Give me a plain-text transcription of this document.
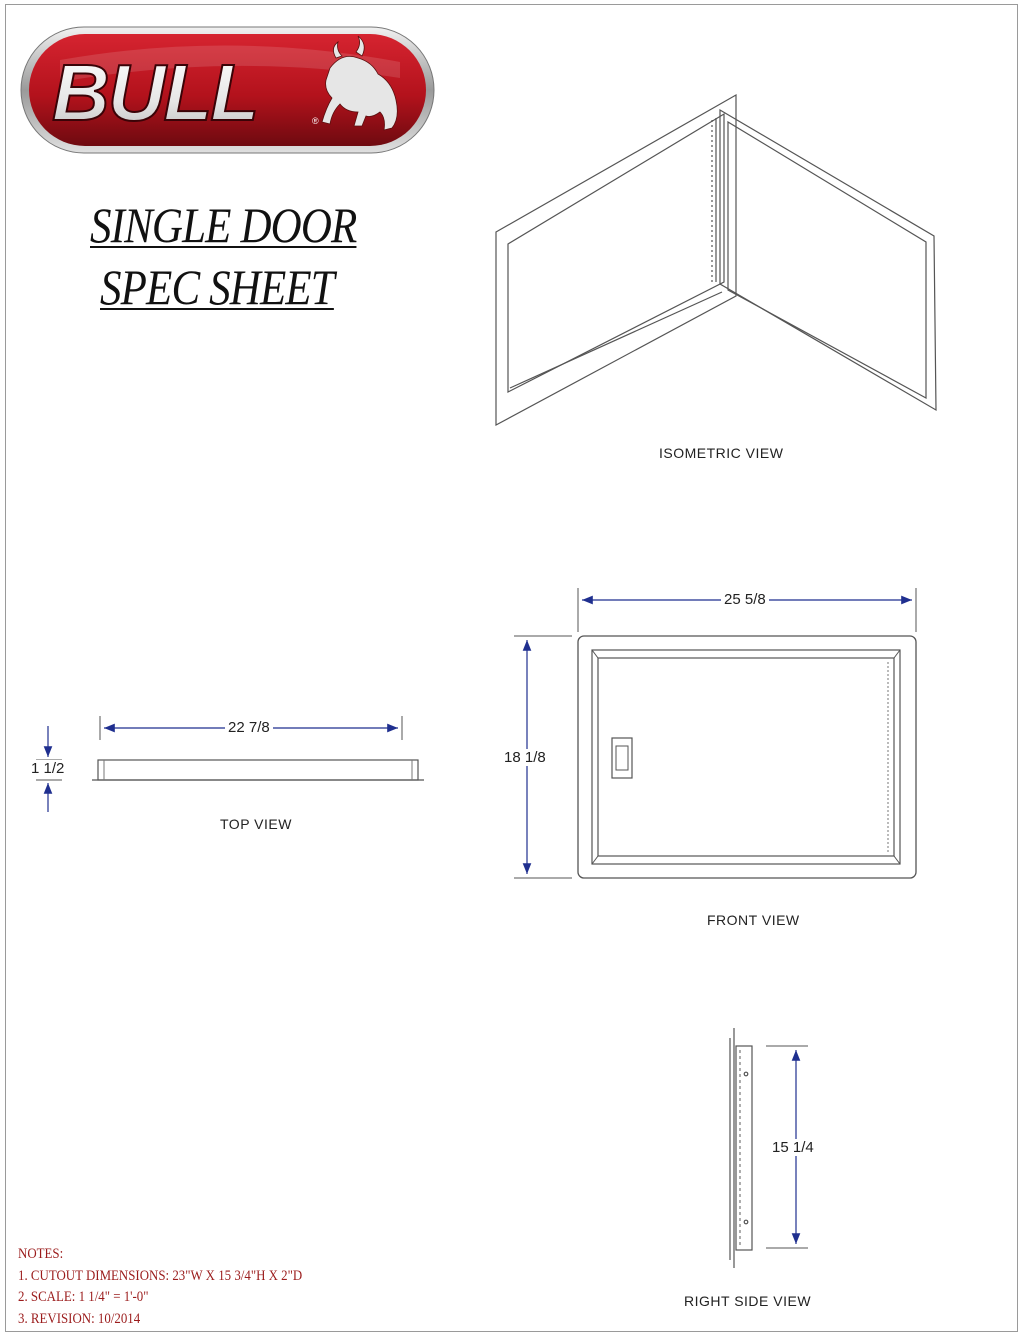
BULL	®
SINGLE DOOR
SPEC SHEET
ISOMETRIC VIEW
TOP VIEW
FRONT VIEW
RIGHT SIDE VIEW
22 7/8
1 1/2
25 5/8
18 1/8
15 1/4
NOTES:
1. CUTOUT DIMENSIONS: 23"W X 15 3/4"H X 2"D
2. SCALE: 1 1/4" = 1'-0"
3. REVISION: 10/2014
